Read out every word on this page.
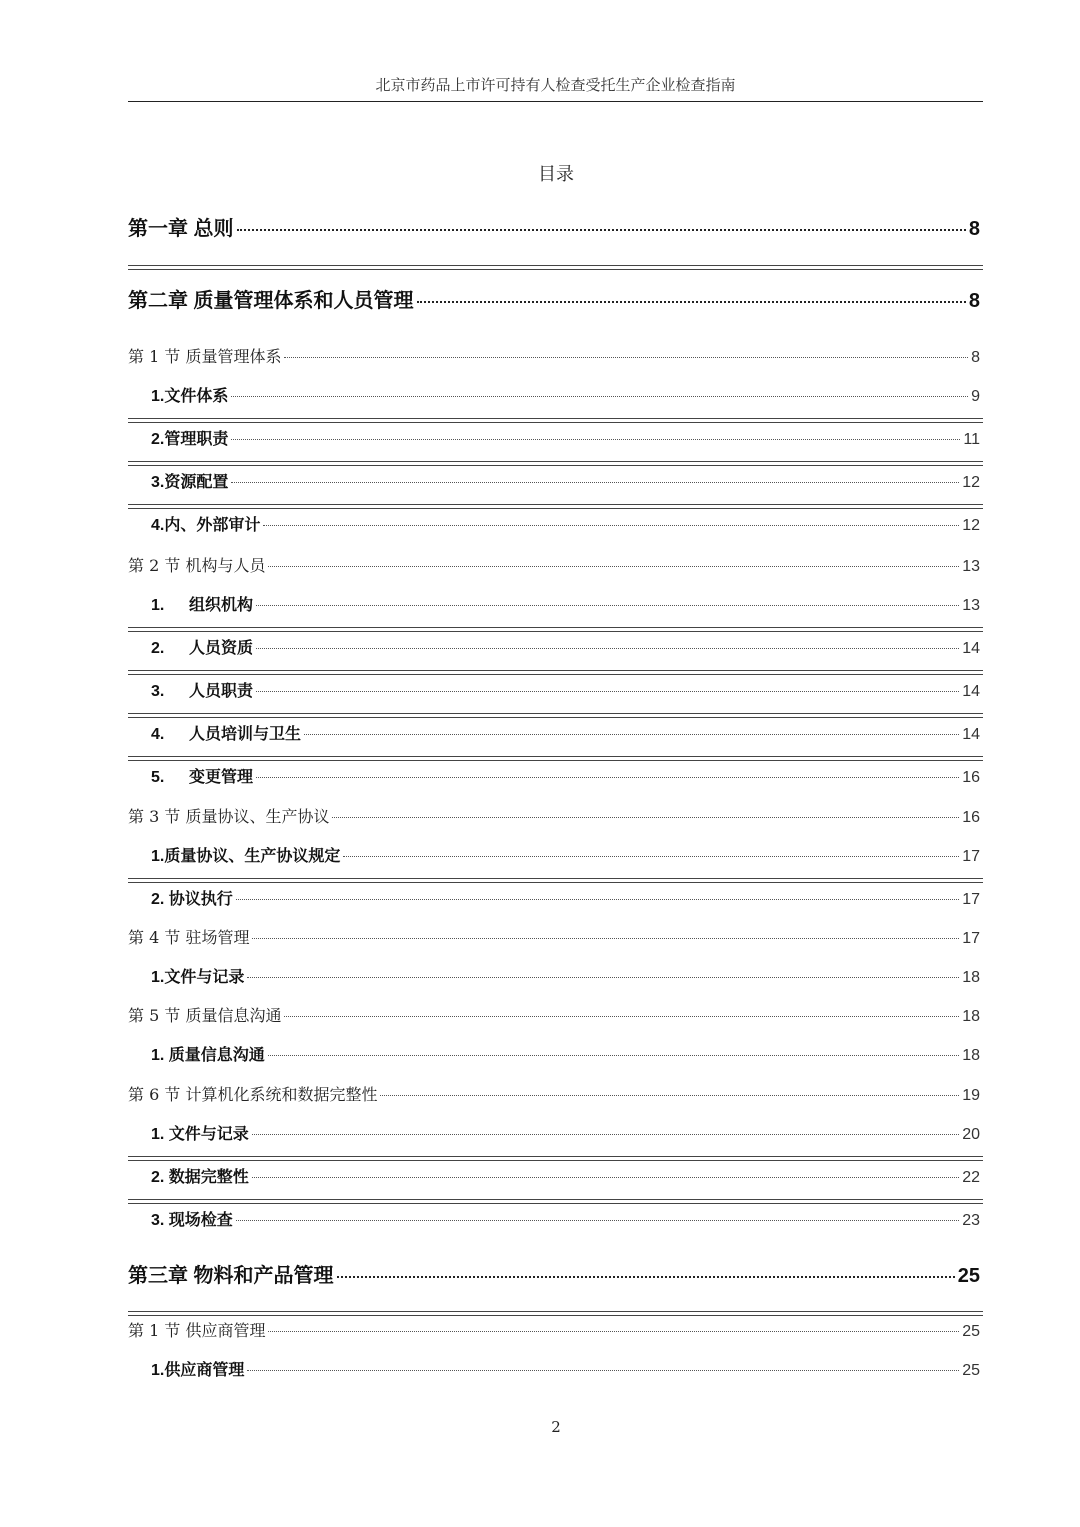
北京市药品上市许可持有人检查受托生产企业检查指南
目录
第一章 总则	8
第二章 质量管理体系和人员管理	8
第 1 节 质量管理体系	8
1.文件体系	9
2.管理职责	11
3.资源配置	12
4.内、外部审计	12
第 2 节 机构与人员	13
1. 组织机构	13
2. 人员资质	14
3. 人员职责	14
4. 人员培训与卫生	14
5. 变更管理	16
第 3 节 质量协议、生产协议	16
1.质量协议、生产协议规定	17
2. 协议执行	17
第 4 节 驻场管理	17
1.文件与记录	18
第 5 节 质量信息沟通	18
1. 质量信息沟通	18
第 6 节 计算机化系统和数据完整性	19
1. 文件与记录	20
2. 数据完整性	22
3. 现场检查	23
第三章 物料和产品管理	25
第 1 节 供应商管理	25
1.供应商管理	25
2
